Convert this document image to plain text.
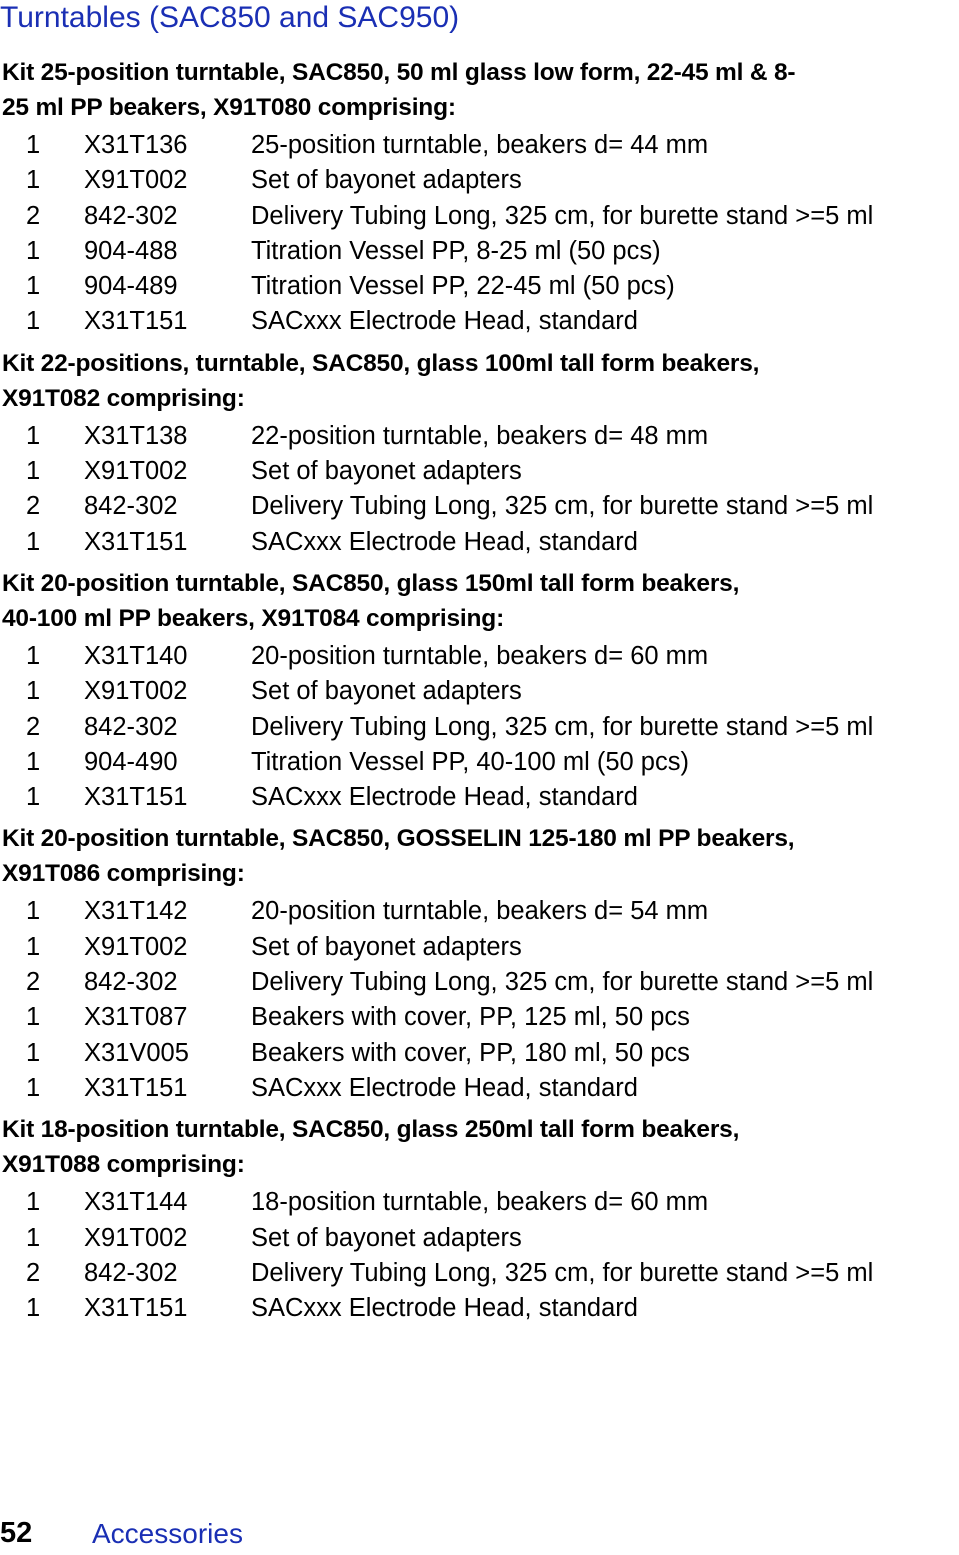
Turntables (SAC850 and SAC950)
Kit 25-position turntable, SAC850, 50 ml glass low form, 22-45 ml & 8-
25 ml PP beakers, X91T080 comprising:
1 X31T136 25-position turntable, beakers d= 44 mm
1 X91T002 Set of bayonet adapters
2 842-302	Delivery Tubing Long, 325 cm, for burette stand >=5 ml
1 904-488	Titration Vessel PP, 8-25 ml (50 pcs)
1 904-489	Titration Vessel PP, 22-45 ml (50 pcs)
1 X31T151 SACxxx Electrode Head, standard
Kit 22-positions, turntable, SAC850, glass 100ml tall form beakers,
X91T082 comprising:
1 X31T138 22-position turntable, beakers d= 48 mm
1 X91T002 Set of bayonet adapters
2 842-302	Delivery Tubing Long, 325 cm, for burette stand >=5 ml
1 X31T151 SACxxx Electrode Head, standard
Kit 20-position turntable, SAC850, glass 150ml tall form beakers,
40-100 ml PP beakers, X91T084 comprising:
1 X31T140 20-position turntable, beakers d= 60 mm
1 X91T002 Set of bayonet adapters
2 842-302	Delivery Tubing Long, 325 cm, for burette stand >=5 ml
1 904-490	Titration Vessel PP, 40-100 ml (50 pcs)
1 X31T151 SACxxx Electrode Head, standard
Kit 20-position turntable, SAC850, GOSSELIN 125-180 ml PP beakers,
X91T086 comprising:
1 X31T142 20-position turntable, beakers d= 54 mm
1 X91T002 Set of bayonet adapters
2 842-302	Delivery Tubing Long, 325 cm, for burette stand >=5 ml
1 X31T087 Beakers with cover, PP, 125 ml, 50 pcs
1 X31V005 Beakers with cover, PP, 180 ml, 50 pcs
1 X31T151 SACxxx Electrode Head, standard
Kit 18-position turntable, SAC850, glass 250ml tall form beakers,
X91T088 comprising:
1 X31T144 18-position turntable, beakers d= 60 mm
1 X91T002 Set of bayonet adapters
2 842-302	Delivery Tubing Long, 325 cm, for burette stand >=5 ml
1 X31T151 SACxxx Electrode Head, standard
52 Accessories
